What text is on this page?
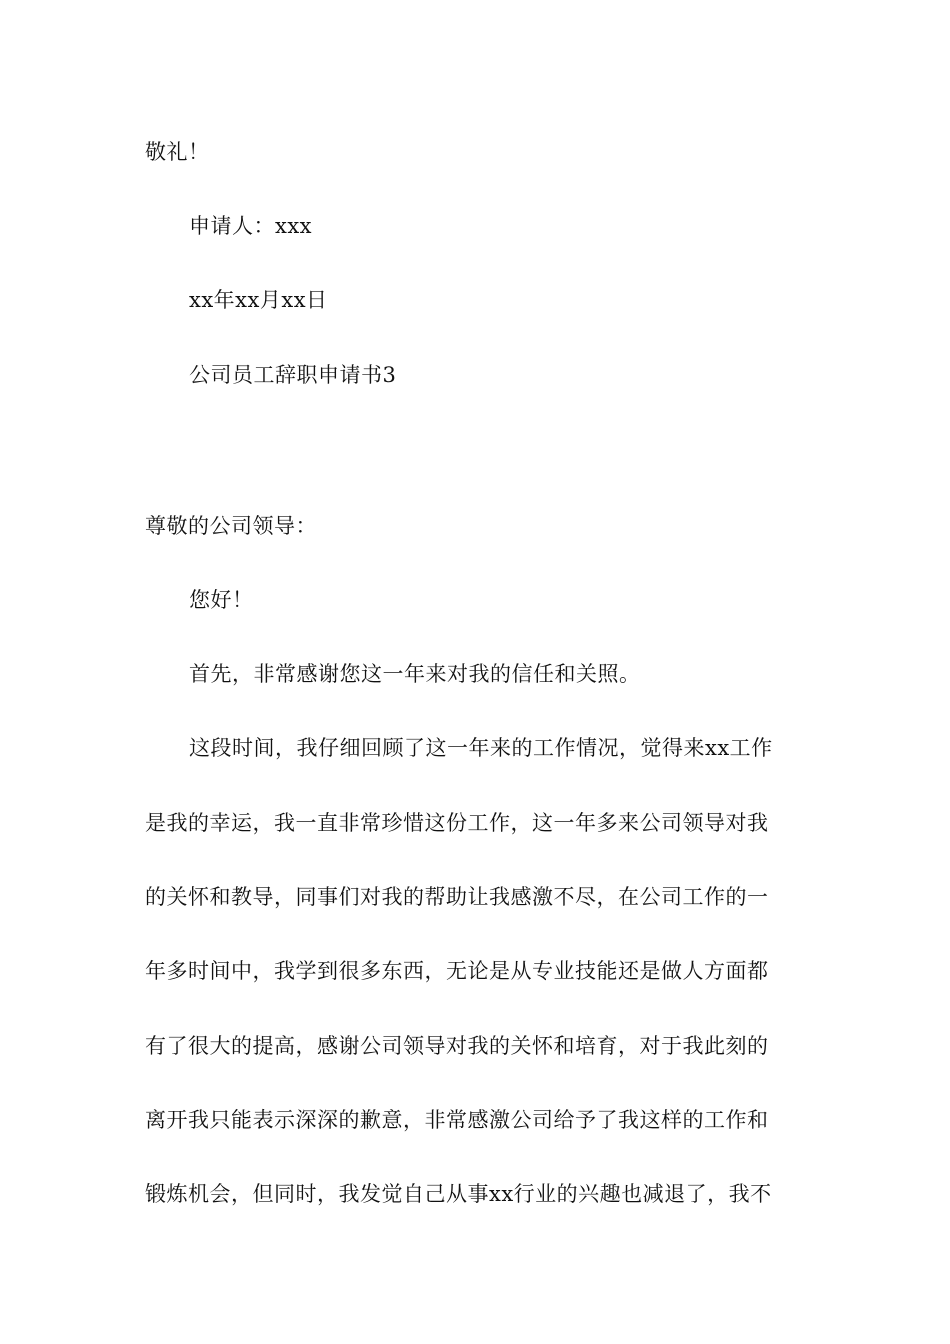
敬礼！
申请人：xxx
xx年xx月xx日
公司员工辞职申请书3
尊敬的公司领导：
您好！
首先，非常感谢您这一年来对我的信任和关照。
这段时间，我仔细回顾了这一年来的工作情况，觉得来xx工作
是我的幸运，我一直非常珍惜这份工作，这一年多来公司领导对我
的关怀和教导，同事们对我的帮助让我感激不尽，在公司工作的一
年多时间中，我学到很多东西，无论是从专业技能还是做人方面都
有了很大的提高，感谢公司领导对我的关怀和培育，对于我此刻的
离开我只能表示深深的歉意，非常感激公司给予了我这样的工作和
锻炼机会，但同时，我发觉自己从事xx行业的兴趣也减退了，我不
